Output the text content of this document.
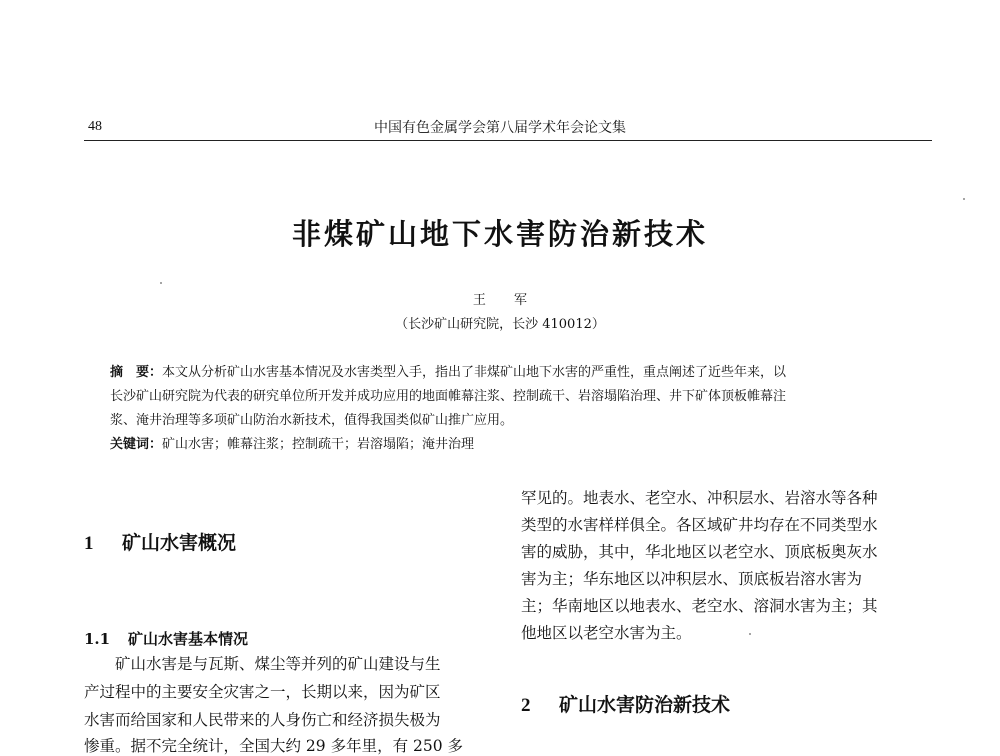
48	中国有色金属学会第八届学术年会论文集
非煤矿山地下水害防治新技术
王 军
（长沙矿山研究院，长沙 410012）
摘　要：本文从分析矿山水害基本情况及水害类型入手，指出了非煤矿山地下水害的严重性，重点阐述了近些年来，以
长沙矿山研究院为代表的研究单位所开发并成功应用的地面帷幕注浆、控制疏干、岩溶塌陷治理、井下矿体顶板帷幕注
浆、淹井治理等多项矿山防治水新技术，值得我国类似矿山推广应用。
关键词：矿山水害；帷幕注浆；控制疏干；岩溶塌陷；淹井治理
1 矿山水害概况
1.1 矿山水害基本情况
　　矿山水害是与瓦斯、煤尘等并列的矿山建设与生
产过程中的主要安全灾害之一，长期以来，因为矿区
水害而给国家和人民带来的人身伤亡和经济损失极为
惨重。据不完全统计，全国大约 29 多年里，有 250 多
罕见的。地表水、老空水、冲积层水、岩溶水等各种
类型的水害样样俱全。各区域矿井均存在不同类型水
害的威胁，其中，华北地区以老空水、顶底板奥灰水
害为主；华东地区以冲积层水、顶底板岩溶水害为
主；华南地区以地表水、老空水、溶洞水害为主；其
他地区以老空水害为主。
2 矿山水害防治新技术
